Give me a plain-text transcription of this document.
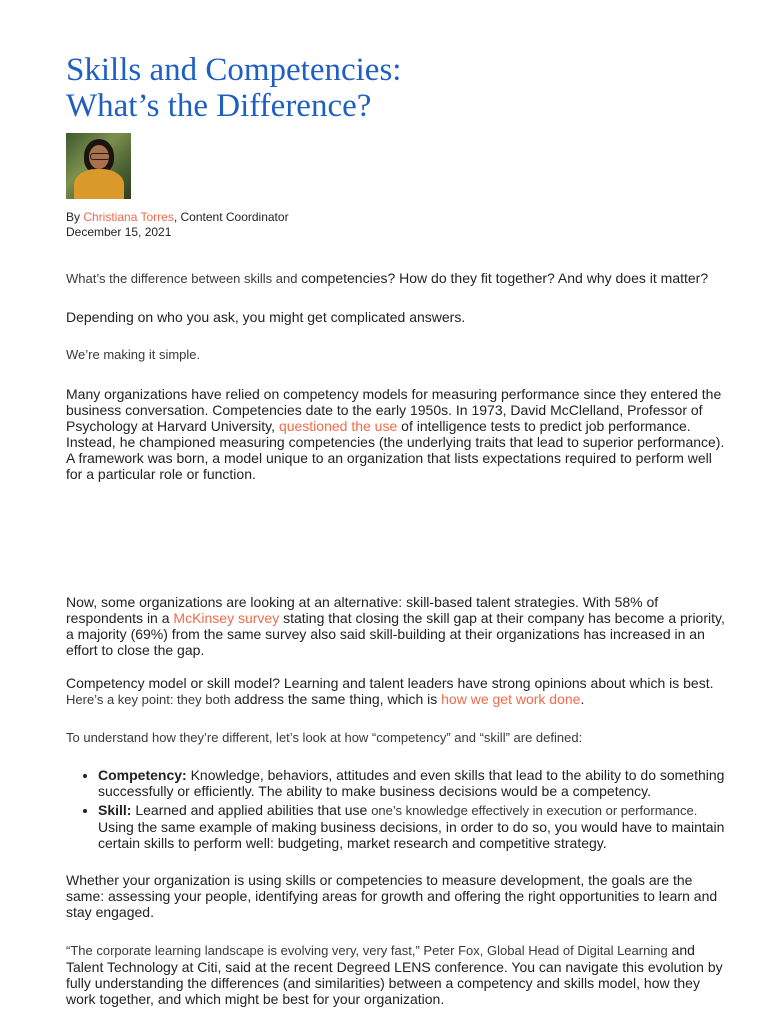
Skills and Competencies:
What’s the Difference?
By Christiana Torres, Content Coordinator
December 15, 2021

What’s the difference between skills and competencies? How do they fit together? And why does it matter?

Depending on who you ask, you might get complicated answers.

We’re making it simple.

Many organizations have relied on competency models for measuring performance since they entered the business conversation. Competencies date to the early 1950s. In 1973, David McClelland, Professor of Psychology at Harvard University, questioned the use of intelligence tests to predict job performance. Instead, he championed measuring competencies (the underlying traits that lead to superior performance). A framework was born, a model unique to an organization that lists expectations required to perform well for a particular role or function.

Now, some organizations are looking at an alternative: skill-based talent strategies. With 58% of respondents in a McKinsey survey stating that closing the skill gap at their company has become a priority, a majority (69%) from the same survey also said skill-building at their organizations has increased in an effort to close the gap.

Competency model or skill model? Learning and talent leaders have strong opinions about which is best. Here’s a key point: they both address the same thing, which is how we get work done.

To understand how they’re different, let’s look at how “competency” and “skill” are defined:

• Competency: Knowledge, behaviors, attitudes and even skills that lead to the ability to do something successfully or efficiently. The ability to make business decisions would be a competency.
• Skill: Learned and applied abilities that use one’s knowledge effectively in execution or performance. Using the same example of making business decisions, in order to do so, you would have to maintain certain skills to perform well: budgeting, market research and competitive strategy.

Whether your organization is using skills or competencies to measure development, the goals are the same: assessing your people, identifying areas for growth and offering the right opportunities to learn and stay engaged.

“The corporate learning landscape is evolving very, very fast,” Peter Fox, Global Head of Digital Learning and Talent Technology at Citi, said at the recent Degreed LENS conference. You can navigate this evolution by fully understanding the differences (and similarities) between a competency and skills model, how they work together, and which might be best for your organization.
